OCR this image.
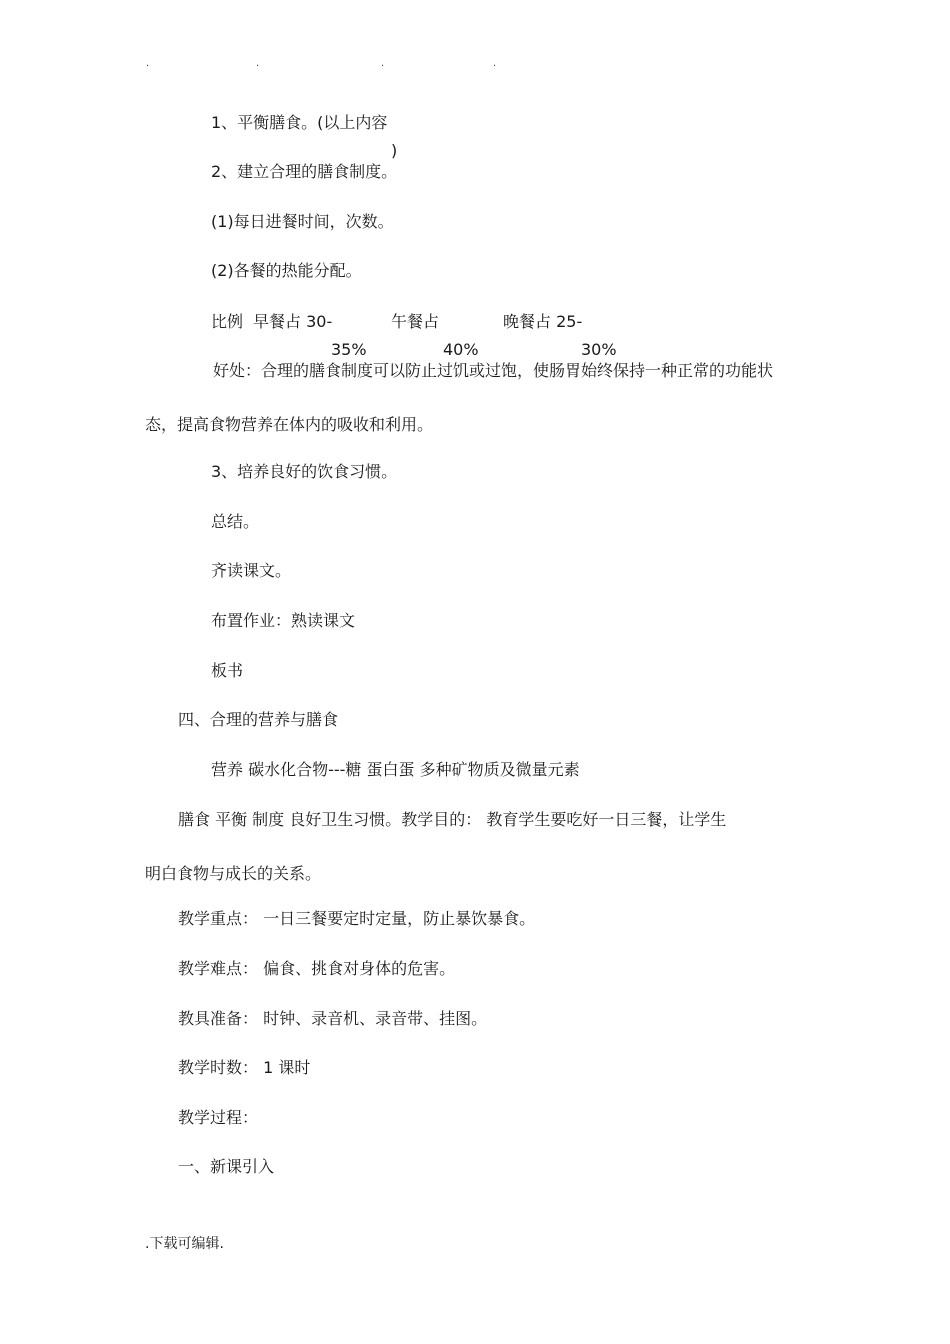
.	.	.	.
1、平衡膳食。(以上内容
)
2、建立合理的膳食制度。
(1)每日进餐时间，次数。
(2)各餐的热能分配。
比例 早餐占 30-	午餐占	晚餐占 25-
35%	40%	30%
好处：合理的膳食制度可以防止过饥或过饱，使肠胃始终保持一种正常的功能状
态，提高食物营养在体内的吸收和利用。
3、培养良好的饮食习惯。
总结。
齐读课文。
布置作业：熟读课文
板书
四、合理的营养与膳食
营养 碳水化合物---糖 蛋白蛋 多种矿物质及微量元素
膳食 平衡 制度 良好卫生习惯。教学目的： 教育学生要吃好一日三餐，让学生
明白食物与成长的关系。
教学重点： 一日三餐要定时定量，防止暴饮暴食。
教学难点： 偏食、挑食对身体的危害。
教具准备： 时钟、录音机、录音带、挂图。
教学时数： 1 课时
教学过程：
一、新课引入
.下载可编辑.
